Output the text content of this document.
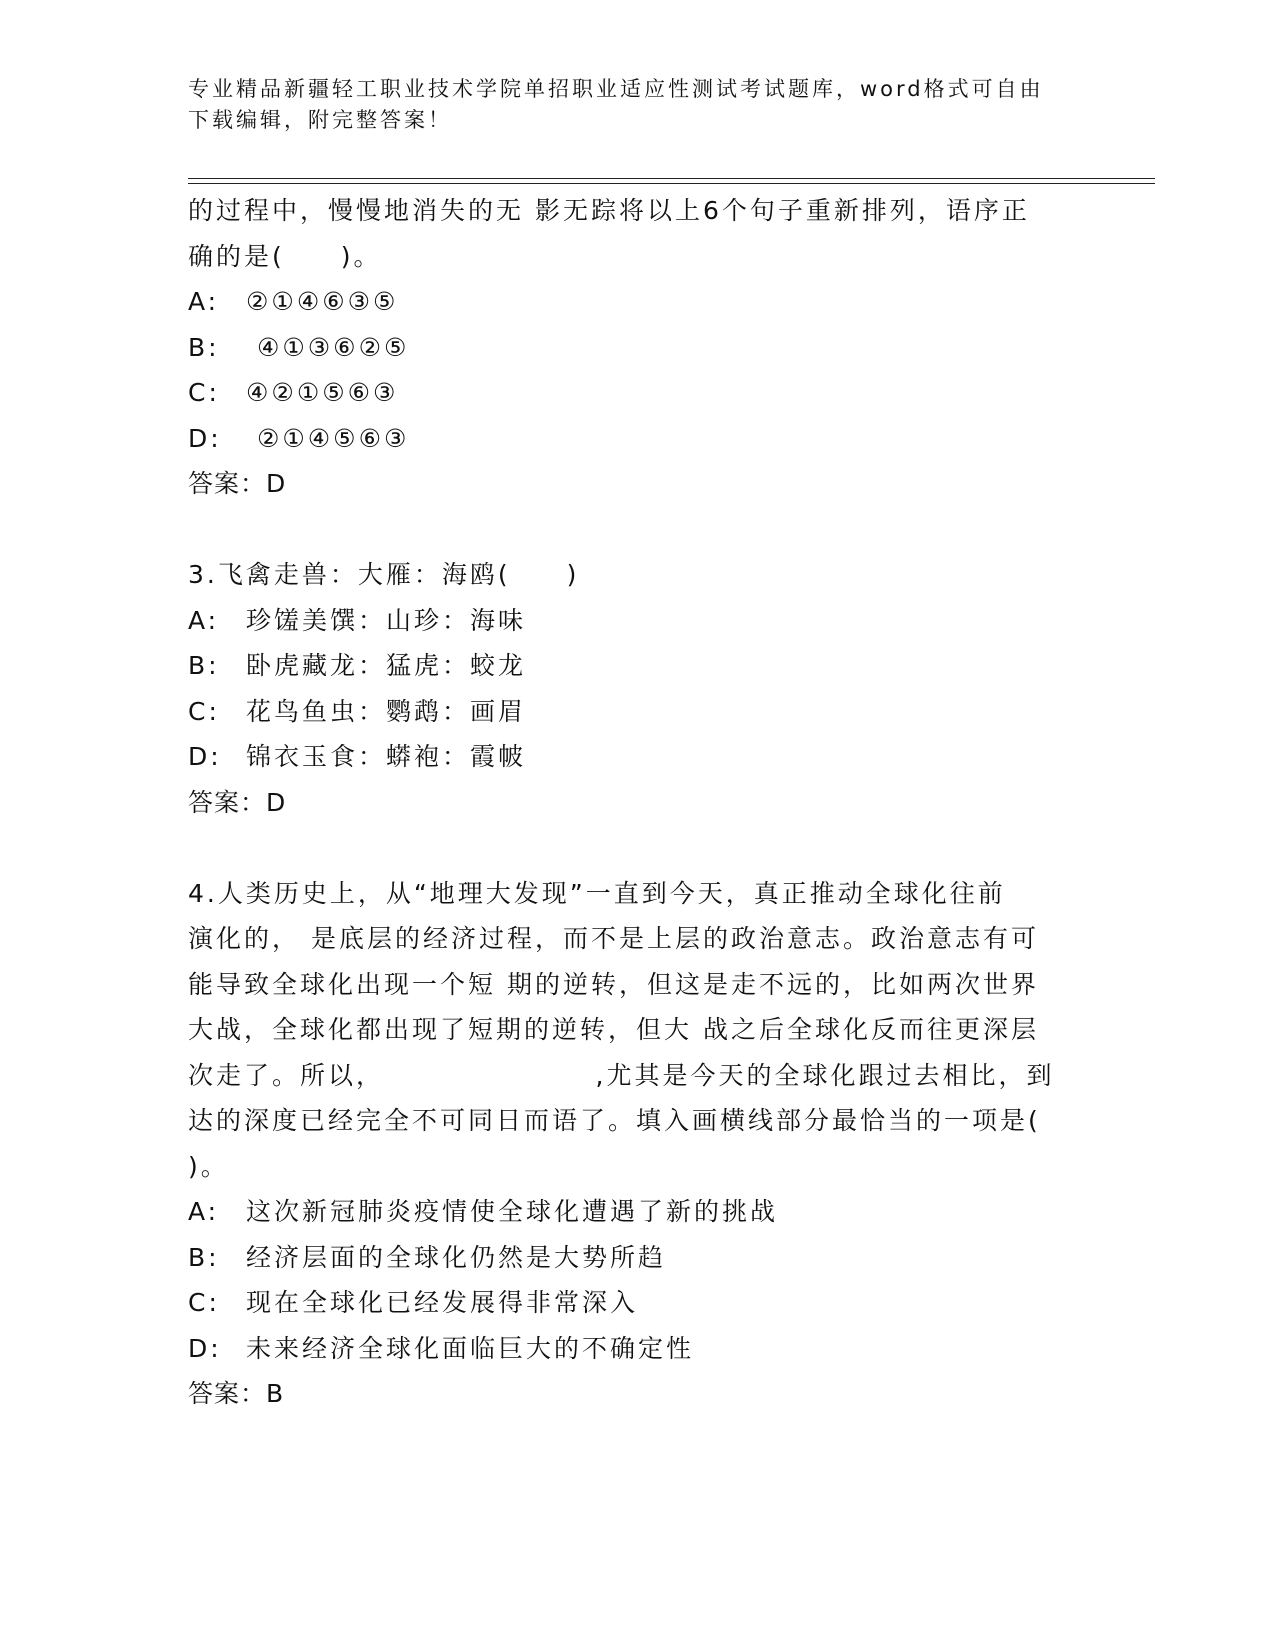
专业精品新疆轻工职业技术学院单招职业适应性测试考试题库，word格式可自由
下载编辑，附完整答案！
的过程中，慢慢地消失的无 影无踪将以上6个句子重新排列，语序正
确的是(　　)。
A: ②①④⑥③⑤
B: ④①③⑥②⑤
C: ④②①⑤⑥③
D: ②①④⑤⑥③
答案：D
3.飞禽走兽：大雁：海鸥(　　)
A: 珍馐美馔：山珍：海味
B: 卧虎藏龙：猛虎：蛟龙
C: 花鸟鱼虫：鹦鹉：画眉
D: 锦衣玉食：蟒袍：霞帔
答案：D
4.人类历史上，从“地理大发现”一直到今天，真正推动全球化往前
演化的， 是底层的经济过程，而不是上层的政治意志。政治意志有可
能导致全球化出现一个短 期的逆转，但这是走不远的，比如两次世界
大战，全球化都出现了短期的逆转，但大 战之后全球化反而往更深层
次走了。所以，　　　　　　　　,尤其是今天的全球化跟过去相比，到
达的深度已经完全不可同日而语了。填入画横线部分最恰当的一项是(
)。
A: 这次新冠肺炎疫情使全球化遭遇了新的挑战
B: 经济层面的全球化仍然是大势所趋
C: 现在全球化已经发展得非常深入
D: 未来经济全球化面临巨大的不确定性
答案：B
